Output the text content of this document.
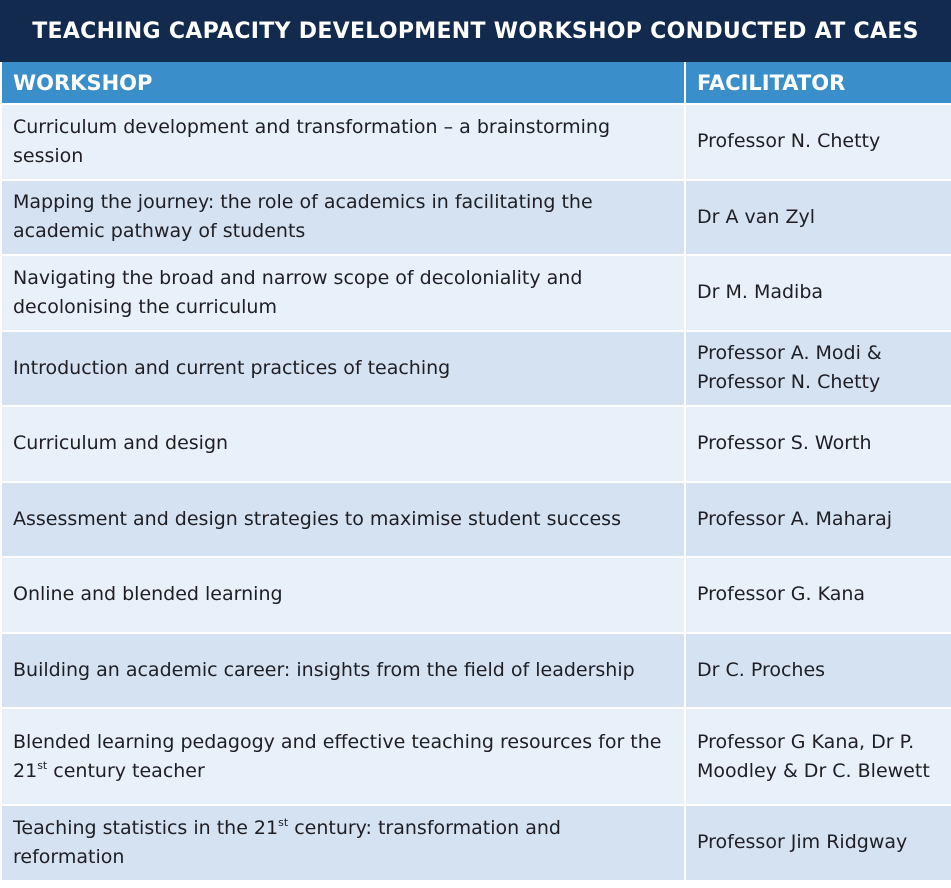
TEACHING CAPACITY DEVELOPMENT WORKSHOP CONDUCTED AT CAES
WORKSHOP	FACILITATOR
Curriculum development and transformation – a brainstorming session	Professor N. Chetty
Mapping the journey: the role of academics in facilitating the academic pathway of students	Dr A van Zyl
Navigating the broad and narrow scope of decoloniality and decolonising the curriculum	Dr M. Madiba
Introduction and current practices of teaching	Professor A. Modi & Professor N. Chetty
Curriculum and design	Professor S. Worth
Assessment and design strategies to maximise student success	Professor A. Maharaj
Online and blended learning	Professor G. Kana
Building an academic career: insights from the field of leadership	Dr C. Proches
Blended learning pedagogy and effective teaching resources for the 21st century teacher	Professor G Kana, Dr P. Moodley & Dr C. Blewett
Teaching statistics in the 21st century: transformation and reformation	Professor Jim Ridgway
